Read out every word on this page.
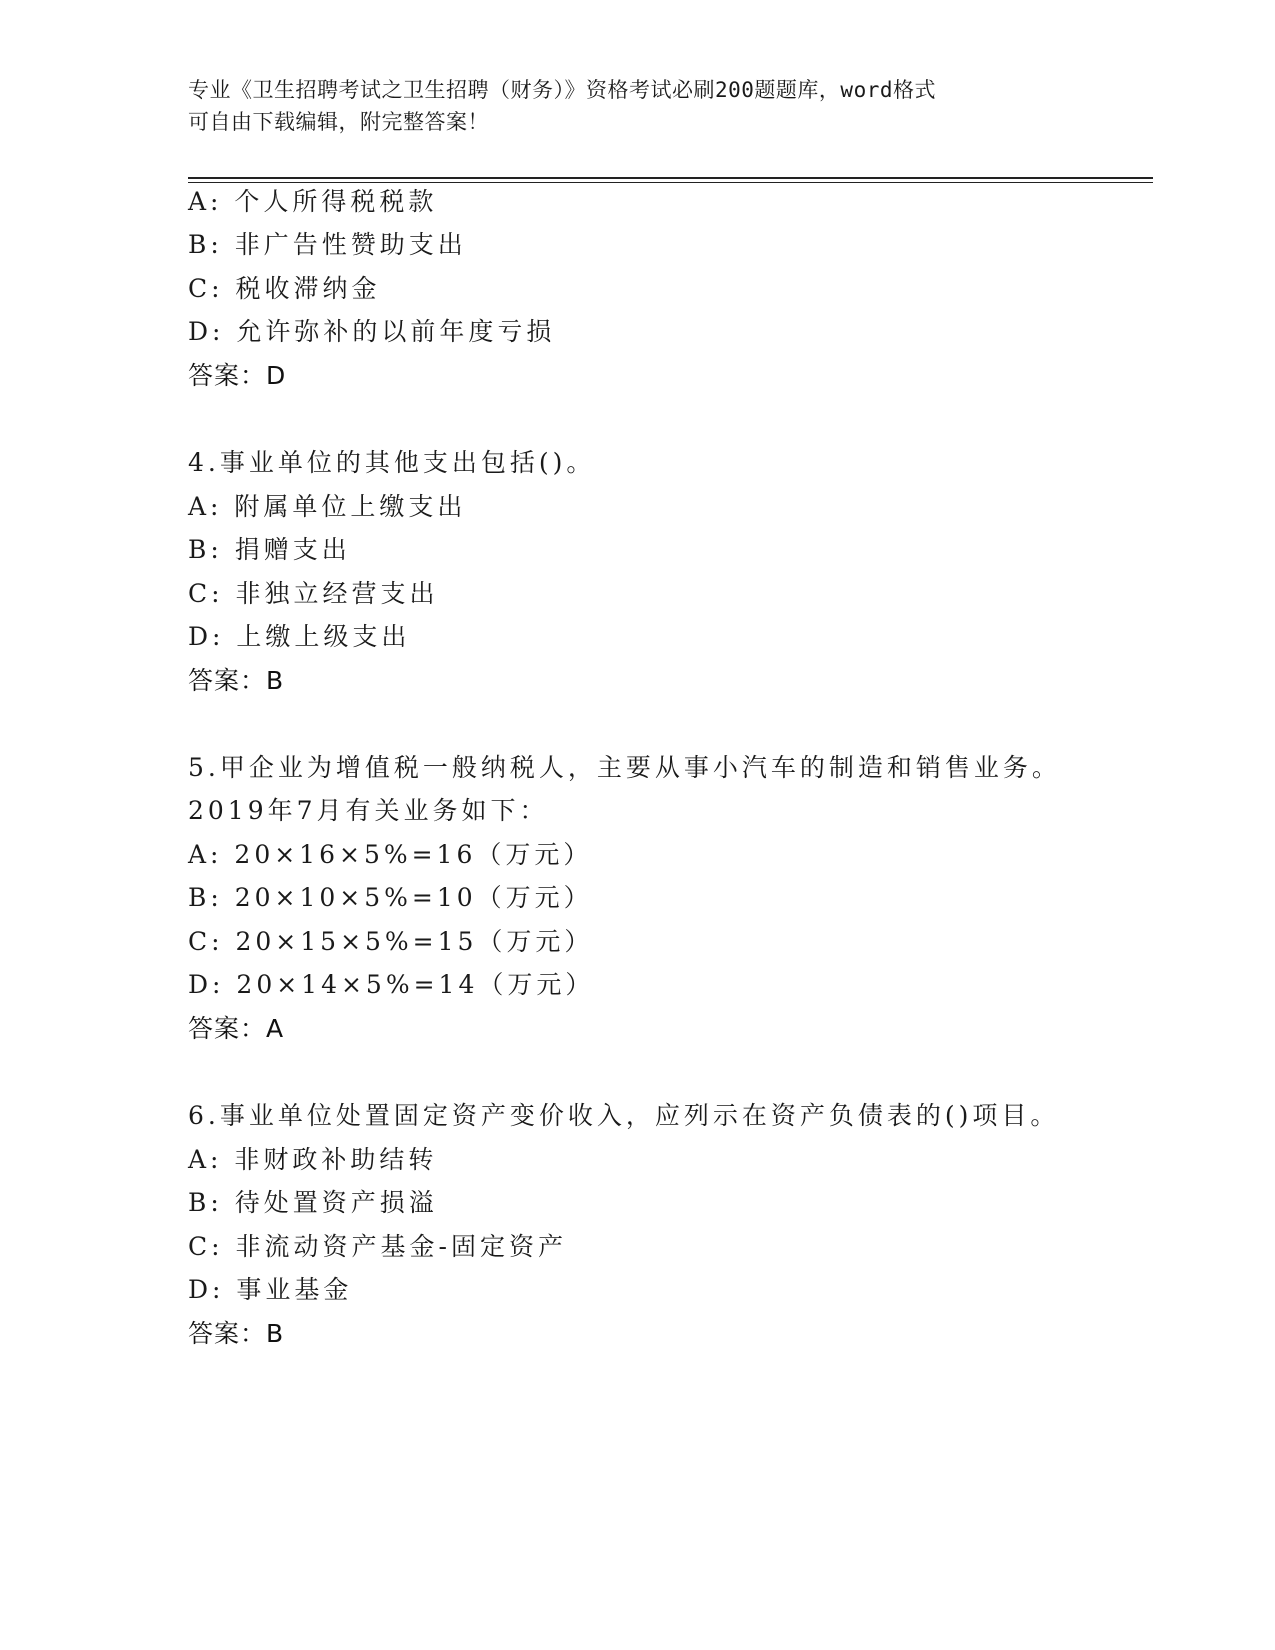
专业《卫生招聘考试之卫生招聘（财务）》资格考试必刷200题题库，word格式
可自由下载编辑，附完整答案！
A: 个人所得税税款
B: 非广告性赞助支出
C: 税收滞纳金
D: 允许弥补的以前年度亏损
答案：D
4.事业单位的其他支出包括()。
A: 附属单位上缴支出
B: 捐赠支出
C: 非独立经营支出
D: 上缴上级支出
答案：B
5.甲企业为增值税一般纳税人，主要从事小汽车的制造和销售业务。
2019年7月有关业务如下：
A: 20×16×5%=16（万元）
B: 20×10×5%=10（万元）
C: 20×15×5%=15（万元）
D: 20×14×5%=14（万元）
答案：A
6.事业单位处置固定资产变价收入，应列示在资产负债表的()项目。
A: 非财政补助结转
B: 待处置资产损溢
C: 非流动资产基金-固定资产
D: 事业基金
答案：B
